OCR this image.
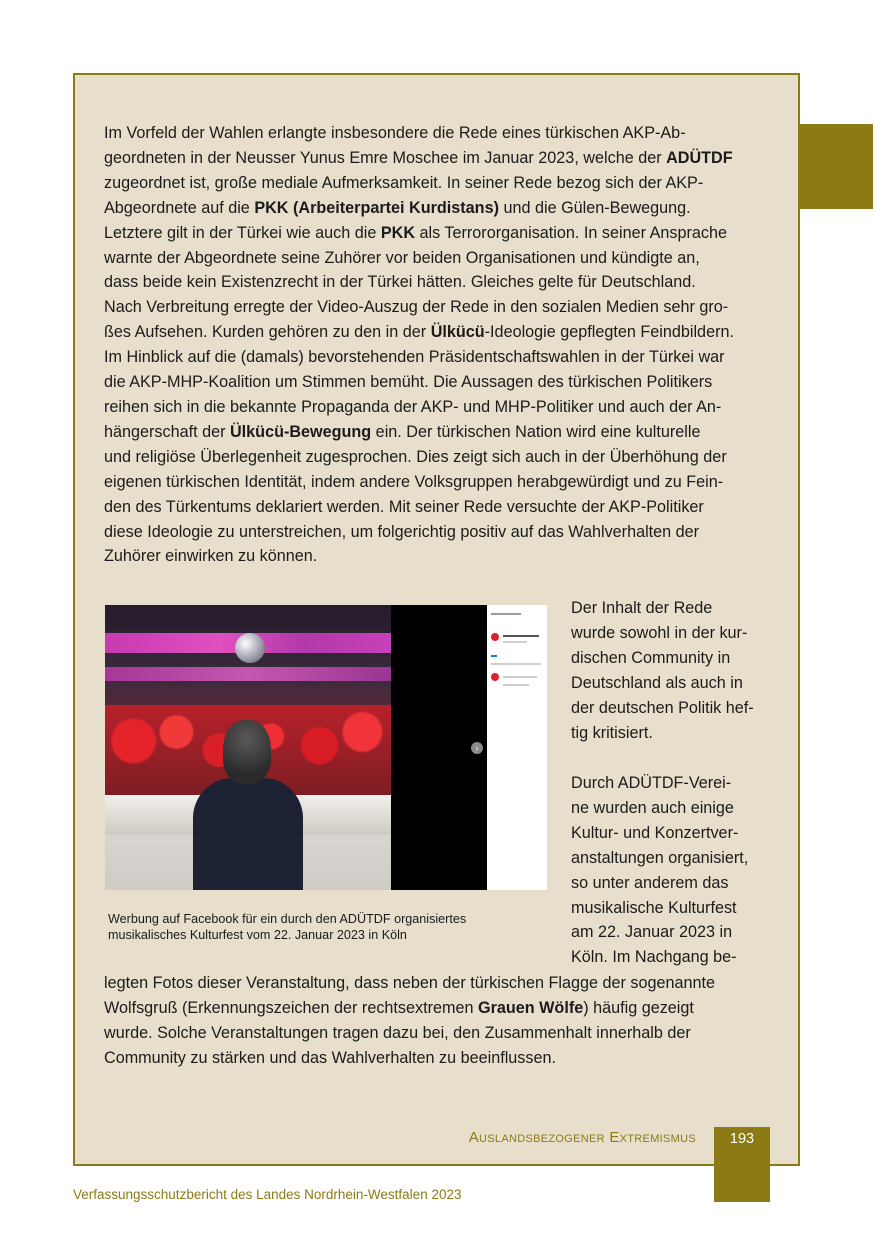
Im Vorfeld der Wahlen erlangte insbesondere die Rede eines türkischen AKP-Ab-
geordneten in der Neusser Yunus Emre Moschee im Januar 2023, welche der ADÜTDF
zugeordnet ist, große mediale Aufmerksamkeit. In seiner Rede bezog sich der AKP-
Abgeordnete auf die PKK (Arbeiterpartei Kurdistans) und die Gülen-Bewegung.
Letztere gilt in der Türkei wie auch die PKK als Terrororganisation. In seiner Ansprache
warnte der Abgeordnete seine Zuhörer vor beiden Organisationen und kündigte an,
dass beide kein Existenzrecht in der Türkei hätten. Gleiches gelte für Deutschland.
Nach Verbreitung erregte der Video-Auszug der Rede in den sozialen Medien sehr gro-
ßes Aufsehen. Kurden gehören zu den in der Ülkücü-Ideologie gepflegten Feindbildern.
Im Hinblick auf die (damals) bevorstehenden Präsidentschaftswahlen in der Türkei war
die AKP-MHP-Koalition um Stimmen bemüht. Die Aussagen des türkischen Politikers
reihen sich in die bekannte Propaganda der AKP- und MHP-Politiker und auch der An-
hängerschaft der Ülkücü-Bewegung ein. Der türkischen Nation wird eine kulturelle
und religiöse Überlegenheit zugesprochen. Dies zeigt sich auch in der Überhöhung der
eigenen türkischen Identität, indem andere Volksgruppen herabgewürdigt und zu Fein-
den des Türkentums deklariert werden. Mit seiner Rede versuchte der AKP-Politiker
diese Ideologie zu unterstreichen, um folgerichtig positiv auf das Wahlverhalten der
Zuhörer einwirken zu können.
›
Werbung auf Facebook für ein durch den ADÜTDF organisiertes
musikalisches Kulturfest vom 22. Januar 2023 in Köln
Der Inhalt der Rede
wurde sowohl in der kur-
dischen Community in
Deutschland als auch in
der deutschen Politik hef-
tig kritisiert.
Durch ADÜTDF-Verei-
ne wurden auch einige
Kultur- und Konzertver-
anstaltungen organisiert,
so unter anderem das
musikalische Kulturfest
am 22. Januar 2023 in
Köln. Im Nachgang be-
legten Fotos dieser Veranstaltung, dass neben der türkischen Flagge der sogenannte
Wolfsgruß (Erkennungszeichen der rechtsextremen Grauen Wölfe) häufig gezeigt
wurde. Solche Veranstaltungen tragen dazu bei, den Zusammenhalt innerhalb der
Community zu stärken und das Wahlverhalten zu beeinflussen.
Auslandsbezogener Extremismus	193
Verfassungsschutzbericht des Landes Nordrhein-Westfalen 2023
